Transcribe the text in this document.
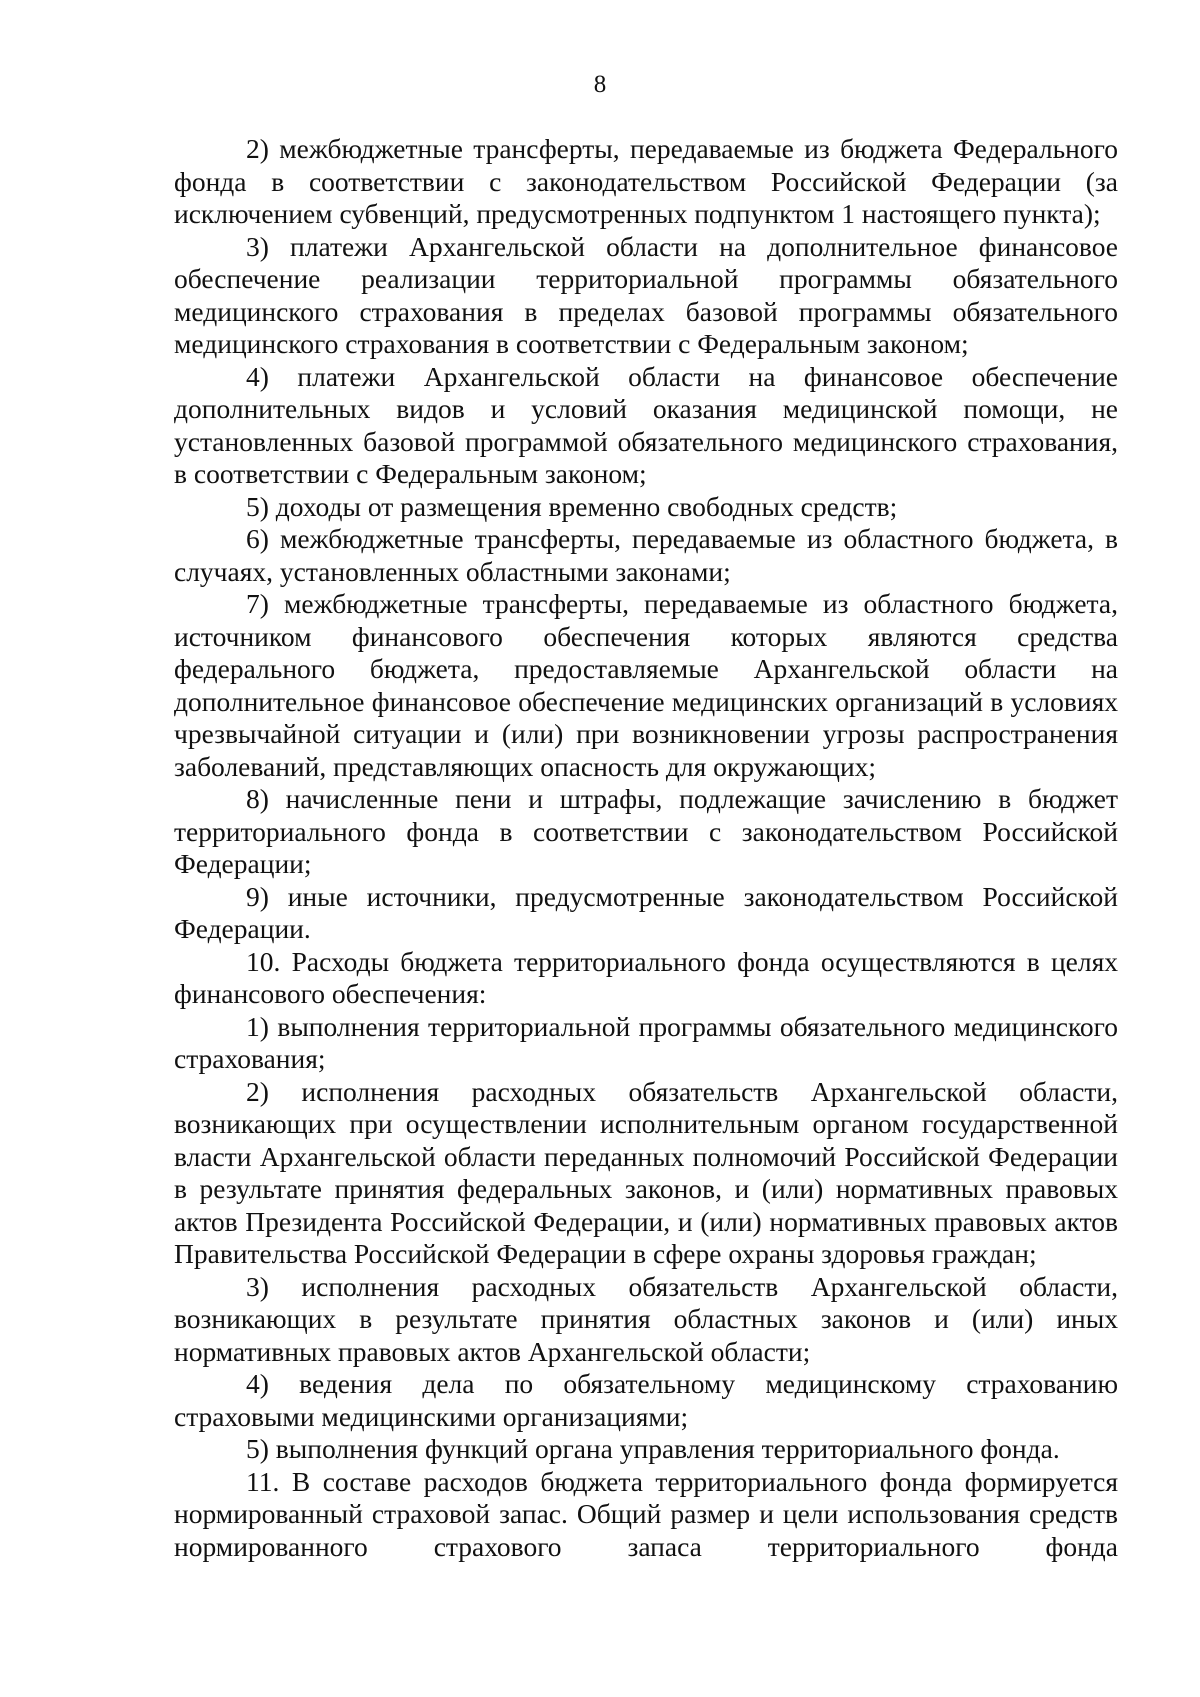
8

2) межбюджетные трансферты, передаваемые из бюджета Федерального фонда в соответствии с законодательством Российской Федерации (за исключением субвенций, предусмотренных подпунктом 1 настоящего пункта);

3) платежи Архангельской области на дополнительное финансовое обеспечение реализации территориальной программы обязательного медицинского страхования в пределах базовой программы обязательного медицинского страхования в соответствии с Федеральным законом;

4) платежи Архангельской области на финансовое обеспечение дополнительных видов и условий оказания медицинской помощи, не установленных базовой программой обязательного медицинского страхования, в соответствии с Федеральным законом;

5) доходы от размещения временно свободных средств;

6) межбюджетные трансферты, передаваемые из областного бюджета, в случаях, установленных областными законами;

7) межбюджетные трансферты, передаваемые из областного бюджета, источником финансового обеспечения которых являются средства федерального бюджета, предоставляемые Архангельской области на дополнительное финансовое обеспечение медицинских организаций в условиях чрезвычайной ситуации и (или) при возникновении угрозы распространения заболеваний, представляющих опасность для окружающих;

8) начисленные пени и штрафы, подлежащие зачислению в бюджет территориального фонда в соответствии с законодательством Российской Федерации;

9) иные источники, предусмотренные законодательством Российской Федерации.

10. Расходы бюджета территориального фонда осуществляются в целях финансового обеспечения:

1) выполнения территориальной программы обязательного медицинского страхования;

2) исполнения расходных обязательств Архангельской области, возникающих при осуществлении исполнительным органом государственной власти Архангельской области переданных полномочий Российской Федерации в результате принятия федеральных законов, и (или) нормативных правовых актов Президента Российской Федерации, и (или) нормативных правовых актов Правительства Российской Федерации в сфере охраны здоровья граждан;

3) исполнения расходных обязательств Архангельской области, возникающих в результате принятия областных законов и (или) иных нормативных правовых актов Архангельской области;

4) ведения дела по обязательному медицинскому страхованию страховыми медицинскими организациями;

5) выполнения функций органа управления территориального фонда.

11. В составе расходов бюджета территориального фонда формируется нормированный страховой запас. Общий размер и цели использования средств нормированного страхового запаса территориального фонда
